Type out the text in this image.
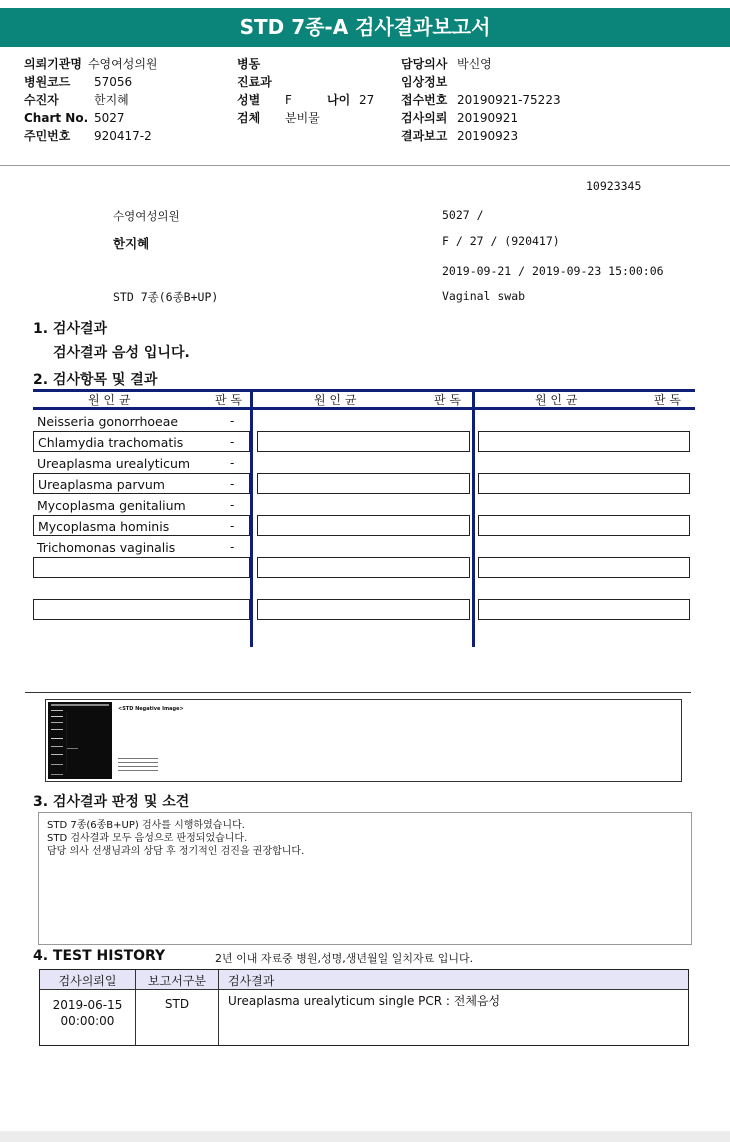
STD 7종-A 검사결과보고서
의뢰기관명 수영여성의원
병원코드 57056
수진자	한지혜
Chart No. 5027
주민번호 920417-2
병동
진료과
성별 F	나이 27
검체 분비물
담당의사 박신영
임상정보
접수번호 20190921-75223
검사의뢰 20190921
결과보고 20190923
10923345
수영여성의원	5027 /
한지혜	F / 27 / (920417)
2019-09-21 / 2019-09-23 15:00:06
STD 7종(6종B+UP)	Vaginal swab
1. 검사결과
검사결과 음성 입니다.
2. 검사항목 및 결과
원 인 균	판 독	원 인 균	판 독	원 인 균	판 독
Neisseria gonorrhoeae	-
Chlamydia trachomatis	-
Ureaplasma urealyticum	-
Ureaplasma parvum	-
Mycoplasma genitalium	-
Mycoplasma hominis	-
Trichomonas vaginalis	-
<STD Negative Image>
3. 검사결과 판정 및 소견
STD 7종(6종B+UP) 검사를 시행하였습니다.
STD 검사결과 모두 음성으로 판정되었습니다.
담당 의사 선생님과의 상담 후 정기적인 검진을 권장합니다.
4. TEST HISTORY	2년 이내 자료중 병원,성명,생년월일 일치자료 입니다.
검사의뢰일	보고서구분	검사결과
2019-06-15
00:00:00
STD	Ureaplasma urealyticum single PCR : 전체음성
